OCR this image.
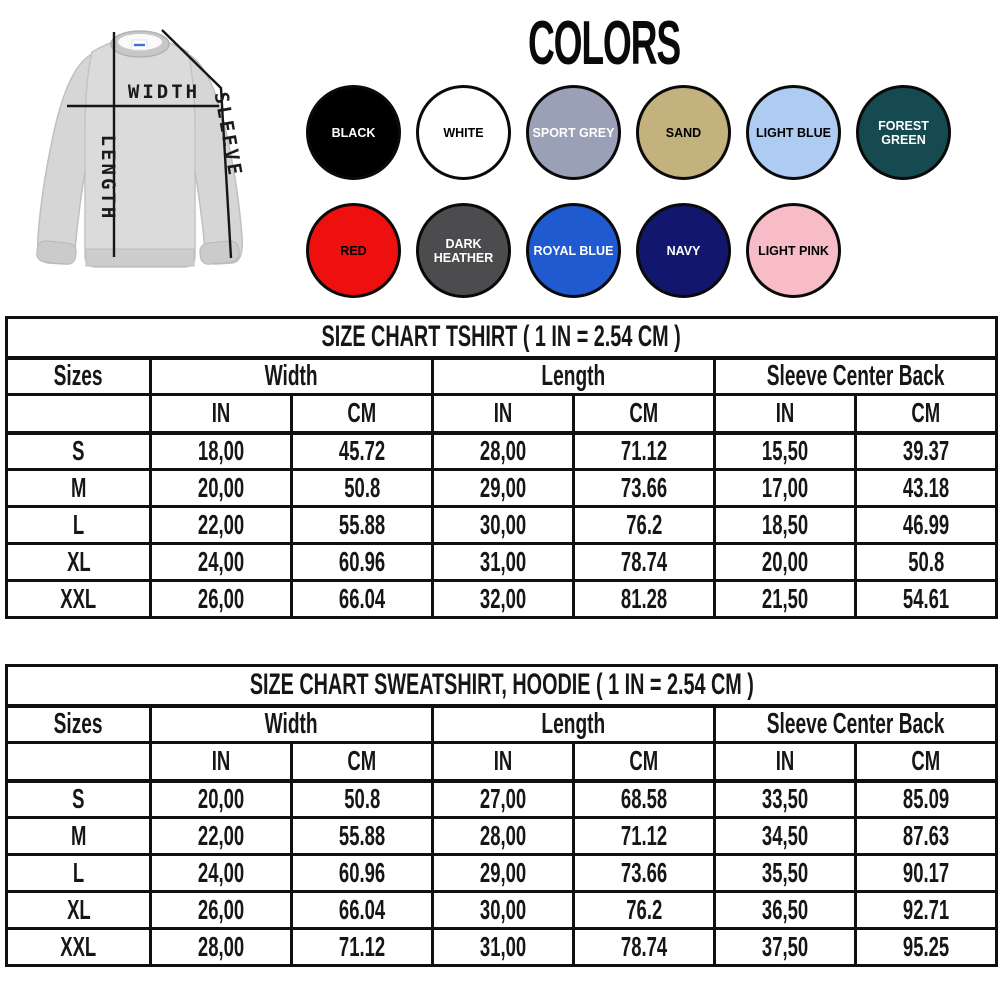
WIDTH
LENGTH	SLEEVE
COLORS
BLACK	WHITE	SPORT GREY	SAND	LIGHT BLUE	FOREST GREEN
RED	DARK HEATHER	ROYAL BLUE	NAVY	LIGHT PINK
SIZE CHART TSHIRT ( 1 IN = 2.54 CM )						
Sizes	Width		Length		Sleeve Center Back	
	IN	CM	IN	CM	IN	CM
S	18,00	45.72	28,00	71.12	15,50	39.37
M	20,00	50.8	29,00	73.66	17,00	43.18
L	22,00	55.88	30,00	76.2	18,50	46.99
XL	24,00	60.96	31,00	78.74	20,00	50.8
XXL	26,00	66.04	32,00	81.28	21,50	54.61
SIZE CHART SWEATSHIRT, HOODIE ( 1 IN = 2.54 CM )						
Sizes	Width		Length		Sleeve Center Back	
	IN	CM	IN	CM	IN	CM
S	20,00	50.8	27,00	68.58	33,50	85.09
M	22,00	55.88	28,00	71.12	34,50	87.63
L	24,00	60.96	29,00	73.66	35,50	90.17
XL	26,00	66.04	30,00	76.2	36,50	92.71
XXL	28,00	71.12	31,00	78.74	37,50	95.25
